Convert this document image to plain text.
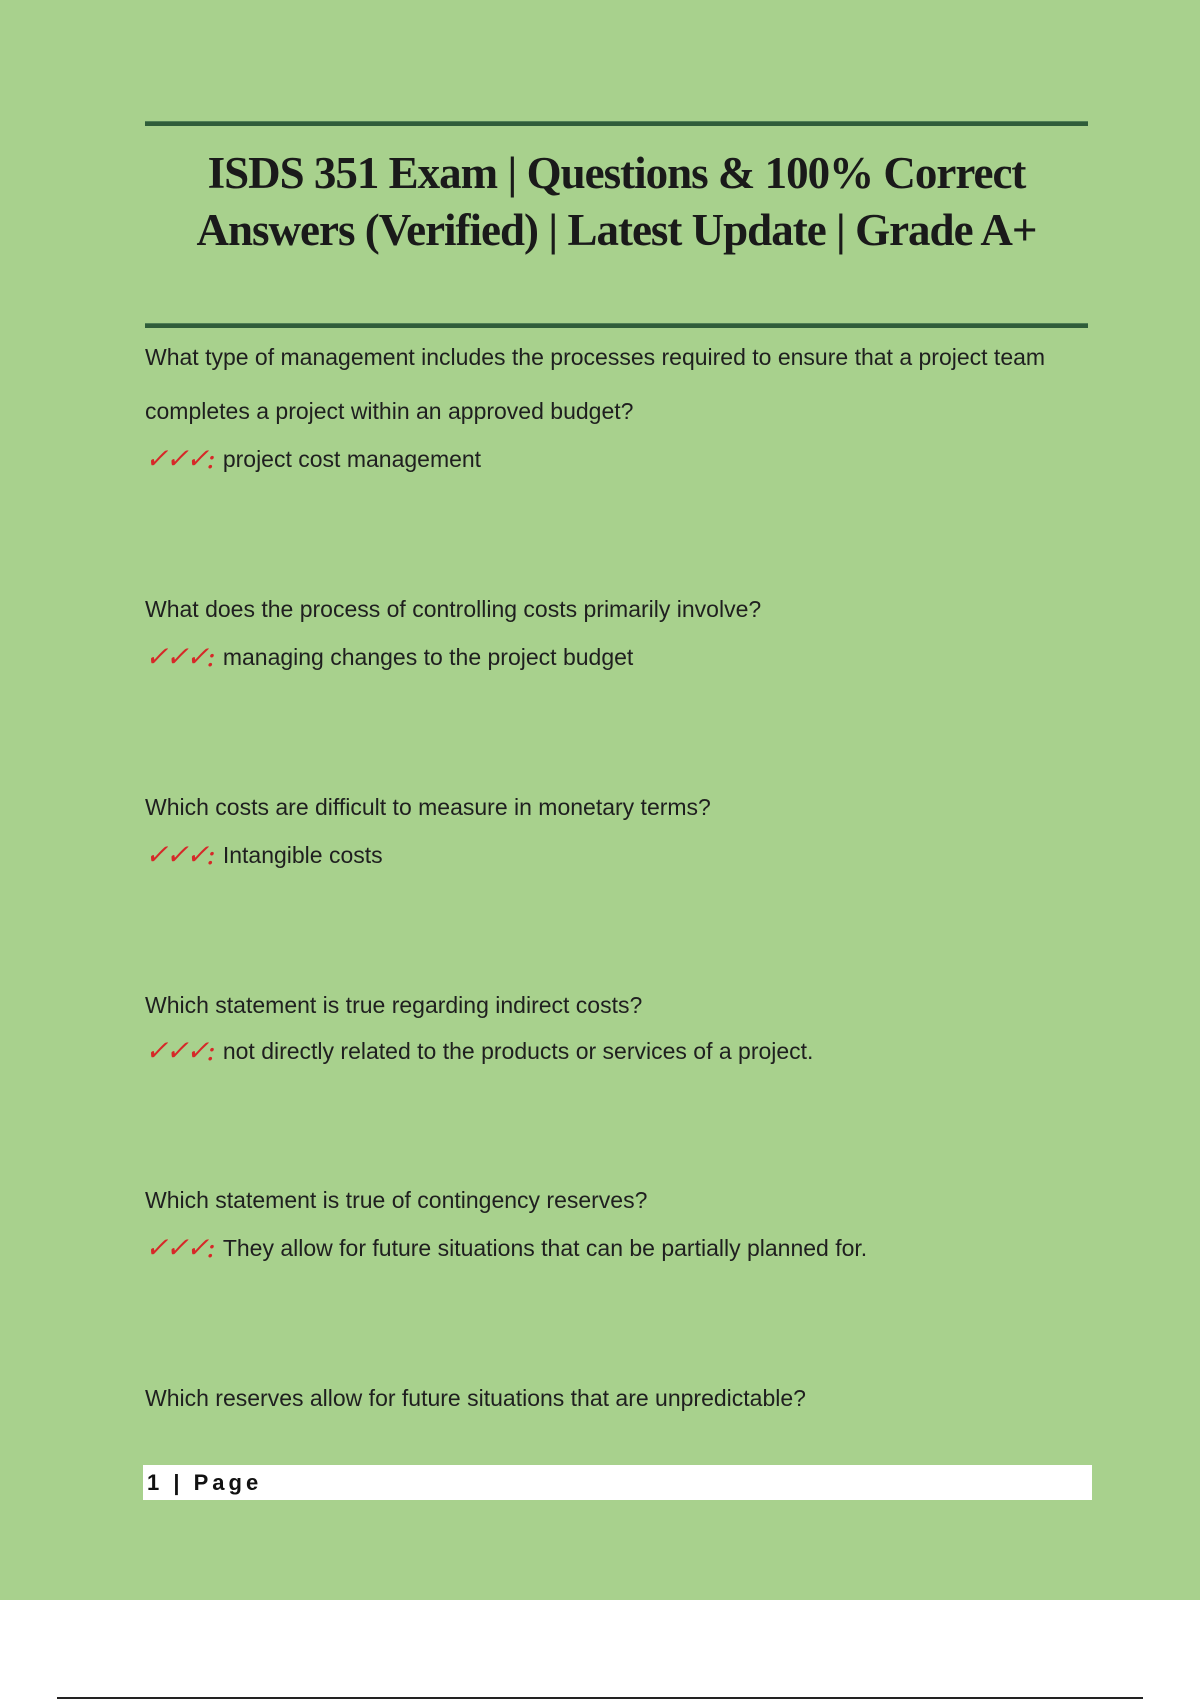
ISDS 351 Exam | Questions & 100% Correct Answers (Verified) | Latest Update | Grade A+

What type of management includes the processes required to ensure that a project team completes a project within an approved budget?

✓✓✓: project cost management

What does the process of controlling costs primarily involve?

✓✓✓: managing changes to the project budget

Which costs are difficult to measure in monetary terms?

✓✓✓: Intangible costs

Which statement is true regarding indirect costs?

✓✓✓: not directly related to the products or services of a project.

Which statement is true of contingency reserves?

✓✓✓: They allow for future situations that can be partially planned for.

Which reserves allow for future situations that are unpredictable?

1 | Page
